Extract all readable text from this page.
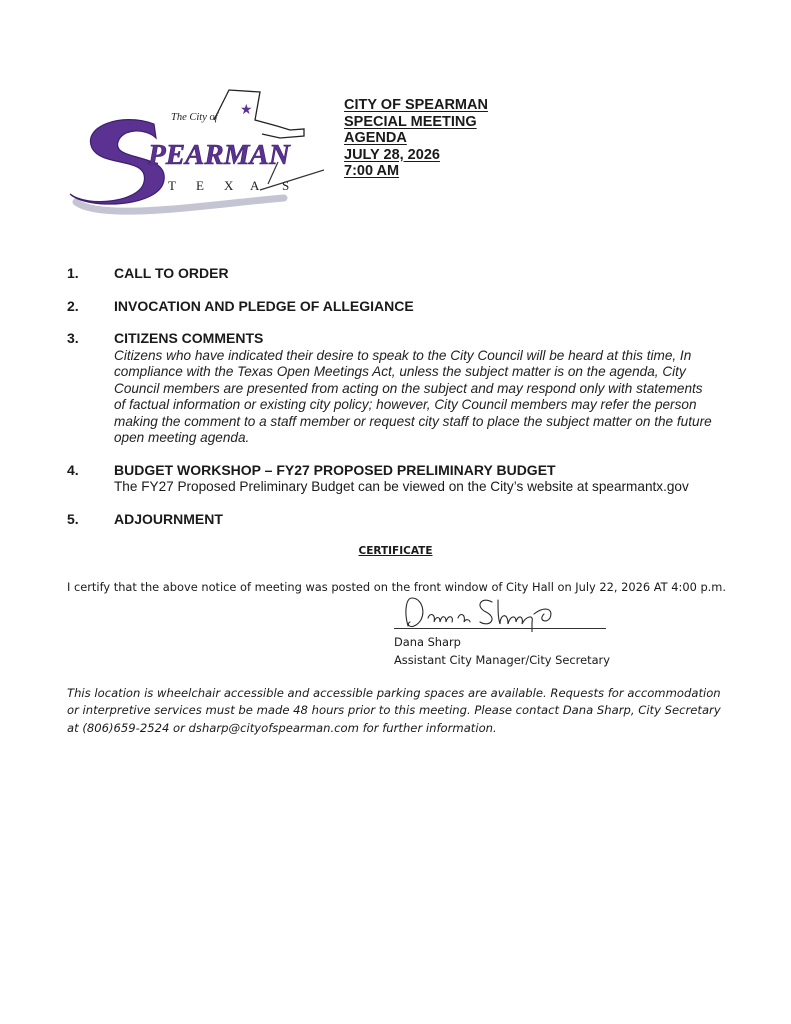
★
The City of
PEARMAN
T E X A S
CITY OF SPEARMAN
SPECIAL MEETING
AGENDA
JULY 28, 2026
7:00 AM
1.	CALL TO ORDER
2.	INVOCATION AND PLEDGE OF ALLEGIANCE
3.	CITIZENS COMMENTS
Citizens who have indicated their desire to speak to the City Council will be heard at this time, In
compliance with the Texas Open Meetings Act, unless the subject matter is on the agenda, City
Council members are presented from acting on the subject and may respond only with statements
of factual information or existing city policy; however, City Council members may refer the person
making the comment to a staff member or request city staff to place the subject matter on the future
open meeting agenda.
4.	BUDGET WORKSHOP – FY27 PROPOSED PRELIMINARY BUDGET
The FY27 Proposed Preliminary Budget can be viewed on the City’s website at spearmantx.gov
5.	ADJOURNMENT
CERTIFICATE
I certify that the above notice of meeting was posted on the front window of City Hall on July 22, 2026 AT 4:00 p.m.
Dana Sharp
Assistant City Manager/City Secretary
This location is wheelchair accessible and accessible parking spaces are available. Requests for accommodation
or interpretive services must be made 48 hours prior to this meeting. Please contact Dana Sharp, City Secretary
at (806)659-2524 or dsharp@cityofspearman.com for further information.
